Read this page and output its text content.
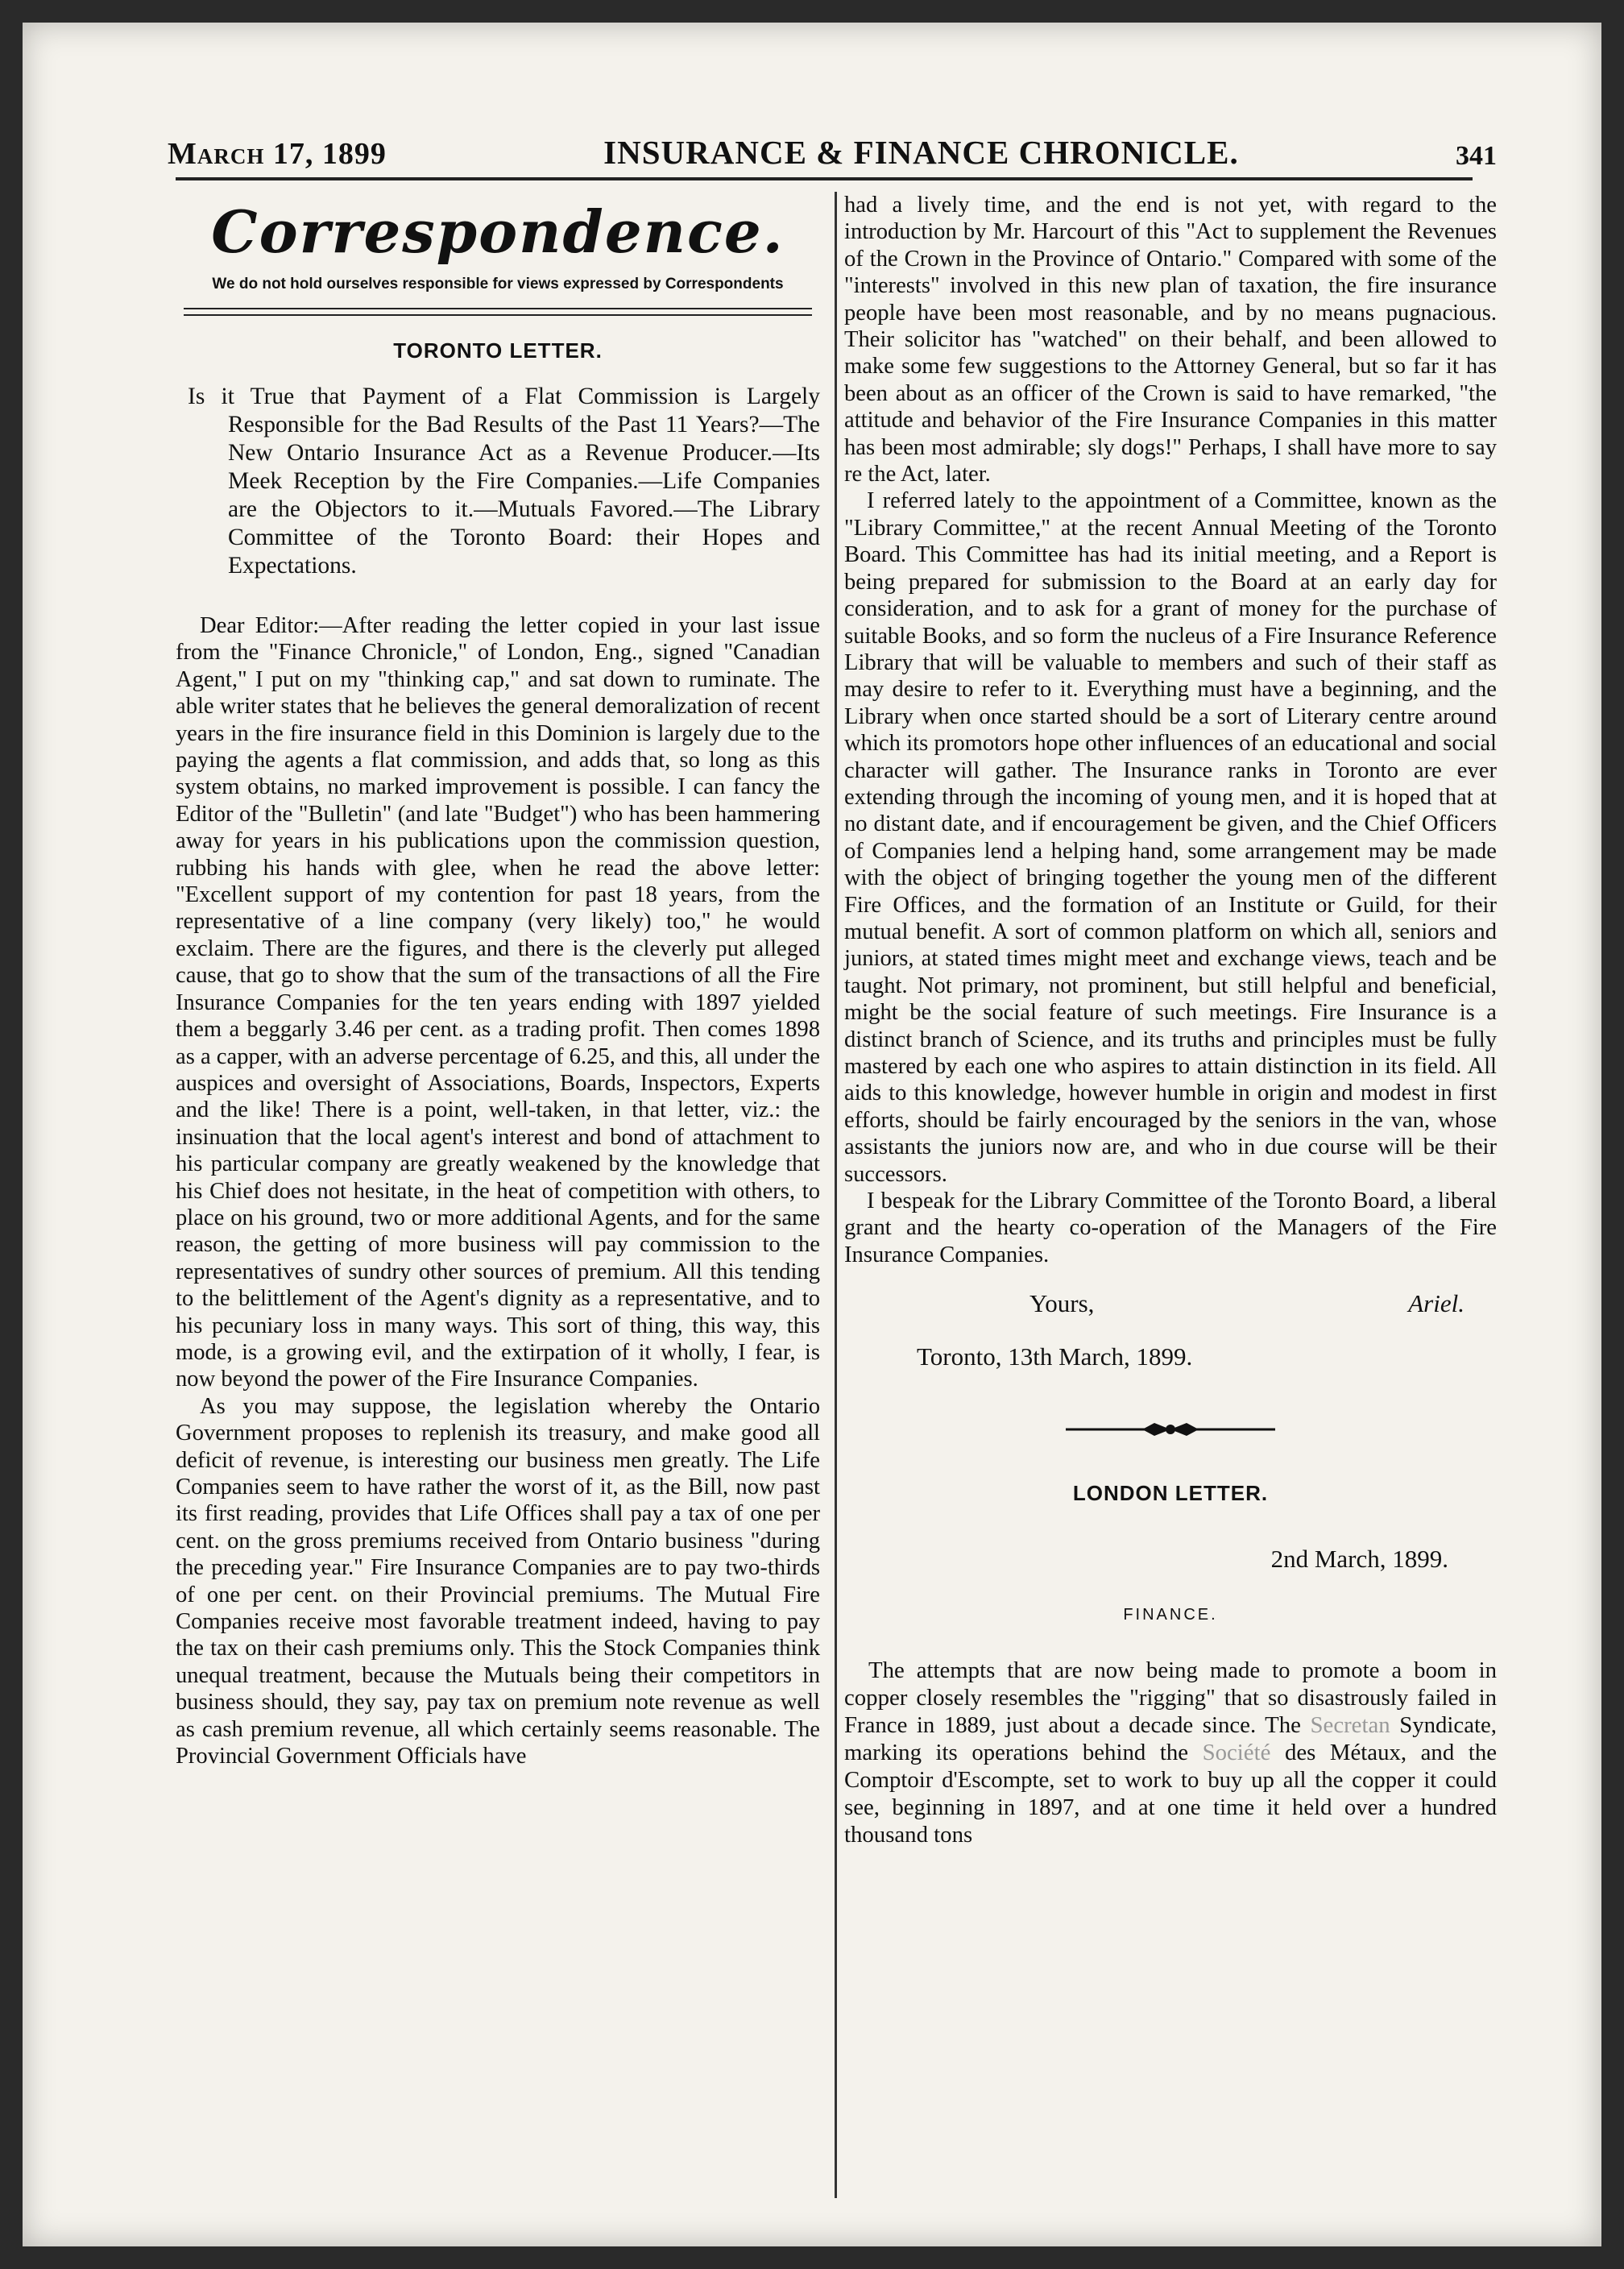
March 17, 1899	INSURANCE & FINANCE CHRONICLE.	341
Correspondence.
We do not hold ourselves responsible for views expressed by Correspondents
TORONTO LETTER.
Is it True that Payment of a Flat Commission is Largely Responsible for the Bad Results of the Past 11 Years?—The New Ontario Insurance Act as a Revenue Producer.—Its Meek Reception by the Fire Companies.—Life Companies are the Objectors to it.—Mutuals Favored.—The Library Committee of the Toronto Board: their Hopes and Expectations.

Dear Editor:—After reading the letter copied in your last issue from the "Finance Chronicle," of London, Eng., signed "Canadian Agent," I put on my "thinking cap," and sat down to ruminate. The able writer states that he believes the general demoralization of recent years in the fire insurance field in this Dominion is largely due to the paying the agents a flat commission, and adds that, so long as this system obtains, no marked improvement is possible. I can fancy the Editor of the "Bulletin" (and late "Budget") who has been hammering away for years in his publications upon the commission question, rubbing his hands with glee, when he read the above letter: "Excellent support of my contention for past 18 years, from the representative of a line company (very likely) too," he would exclaim. There are the figures, and there is the cleverly put alleged cause, that go to show that the sum of the transactions of all the Fire Insurance Companies for the ten years ending with 1897 yielded them a beggarly 3.46 per cent. as a trading profit. Then comes 1898 as a capper, with an adverse percentage of 6.25, and this, all under the auspices and oversight of Associations, Boards, Inspectors, Experts and the like! There is a point, well-taken, in that letter, viz.: the insinuation that the local agent's interest and bond of attachment to his particular company are greatly weakened by the knowledge that his Chief does not hesitate, in the heat of competition with others, to place on his ground, two or more additional Agents, and for the same reason, the getting of more business will pay commission to the representatives of sundry other sources of premium. All this tending to the belittlement of the Agent's dignity as a representative, and to his pecuniary loss in many ways. This sort of thing, this way, this mode, is a growing evil, and the extirpation of it wholly, I fear, is now beyond the power of the Fire Insurance Companies.

As you may suppose, the legislation whereby the Ontario Government proposes to replenish its treasury, and make good all deficit of revenue, is interesting our business men greatly. The Life Companies seem to have rather the worst of it, as the Bill, now past its first reading, provides that Life Offices shall pay a tax of one per cent. on the gross premiums received from Ontario business "during the preceding year." Fire Insurance Companies are to pay two-thirds of one per cent. on their Provincial premiums. The Mutual Fire Companies receive most favorable treatment indeed, having to pay the tax on their cash premiums only. This the Stock Companies think unequal treatment, because the Mutuals being their competitors in business should, they say, pay tax on premium note revenue as well as cash premium revenue, all which certainly seems reasonable. The Provincial Government Officials have

had a lively time, and the end is not yet, with regard to the introduction by Mr. Harcourt of this "Act to supplement the Revenues of the Crown in the Province of Ontario." Compared with some of the "interests" involved in this new plan of taxation, the fire insurance people have been most reasonable, and by no means pugnacious. Their solicitor has "watched" on their behalf, and been allowed to make some few suggestions to the Attorney General, but so far it has been about as an officer of the Crown is said to have remarked, "the attitude and behavior of the Fire Insurance Companies in this matter has been most admirable; sly dogs!" Perhaps, I shall have more to say re the Act, later.

I referred lately to the appointment of a Committee, known as the "Library Committee," at the recent Annual Meeting of the Toronto Board. This Committee has had its initial meeting, and a Report is being prepared for submission to the Board at an early day for consideration, and to ask for a grant of money for the purchase of suitable Books, and so form the nucleus of a Fire Insurance Reference Library that will be valuable to members and such of their staff as may desire to refer to it. Everything must have a beginning, and the Library when once started should be a sort of Literary centre around which its promotors hope other influences of an educational and social character will gather. The Insurance ranks in Toronto are ever extending through the incoming of young men, and it is hoped that at no distant date, and if encouragement be given, and the Chief Officers of Companies lend a helping hand, some arrangement may be made with the object of bringing together the young men of the different Fire Offices, and the formation of an Institute or Guild, for their mutual benefit. A sort of common platform on which all, seniors and juniors, at stated times might meet and exchange views, teach and be taught. Not primary, not prominent, but still helpful and beneficial, might be the social feature of such meetings. Fire Insurance is a distinct branch of Science, and its truths and principles must be fully mastered by each one who aspires to attain distinction in its field. All aids to this knowledge, however humble in origin and modest in first efforts, should be fairly encouraged by the seniors in the van, whose assistants the juniors now are, and who in due course will be their successors.

I bespeak for the Library Committee of the Toronto Board, a liberal grant and the hearty co-operation of the Managers of the Fire Insurance Companies.

Yours,	Ariel.
Toronto, 13th March, 1899.
LONDON LETTER.
2nd March, 1899.
FINANCE.

The attempts that are now being made to promote a boom in copper closely resembles the "rigging" that so disastrously failed in France in 1889, just about a decade since. The Secretan Syndicate, marking its operations behind the Société des Métaux, and the Comptoir d'Escompte, set to work to buy up all the copper it could see, beginning in 1897, and at one time it held over a hundred thousand tons
